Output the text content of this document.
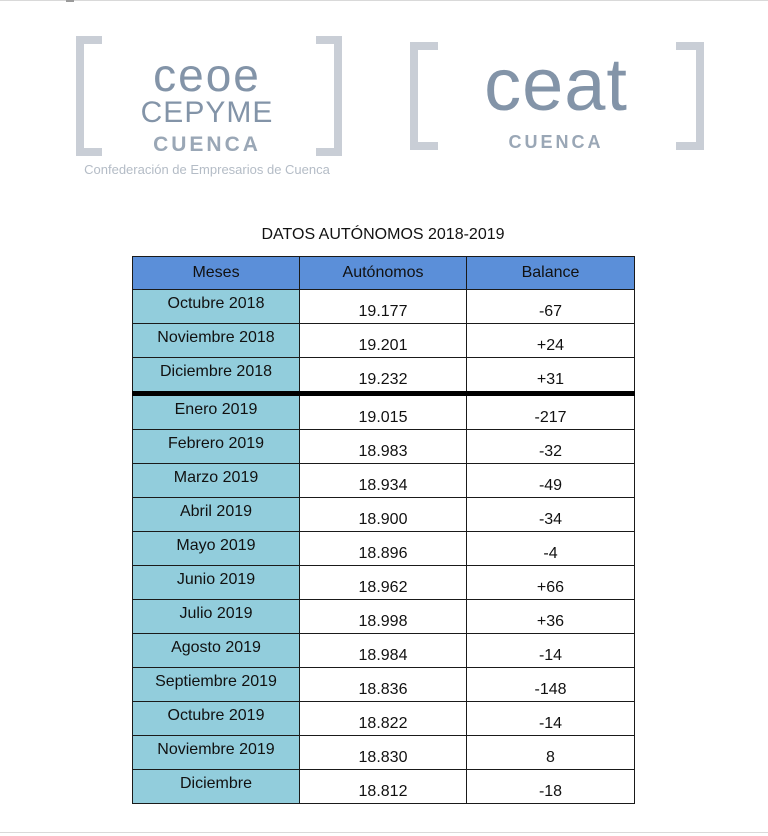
ceoe
CEPYME
CUENCA
Confederación de Empresarios de Cuenca
ceat
CUENCA
DATOS AUTÓNOMOS 2018-2019
Meses	Autónomos	Balance
Octubre 2018	19.177	-67
Noviembre 2018	19.201	+24
Diciembre 2018	19.232	+31
Enero 2019	19.015	-217
Febrero 2019	18.983	-32
Marzo 2019	18.934	-49
Abril 2019	18.900	-34
Mayo 2019	18.896	-4
Junio 2019	18.962	+66
Julio 2019	18.998	+36
Agosto 2019	18.984	-14
Septiembre 2019	18.836	-148
Octubre 2019	18.822	-14
Noviembre 2019	18.830	8
Diciembre	18.812	-18
